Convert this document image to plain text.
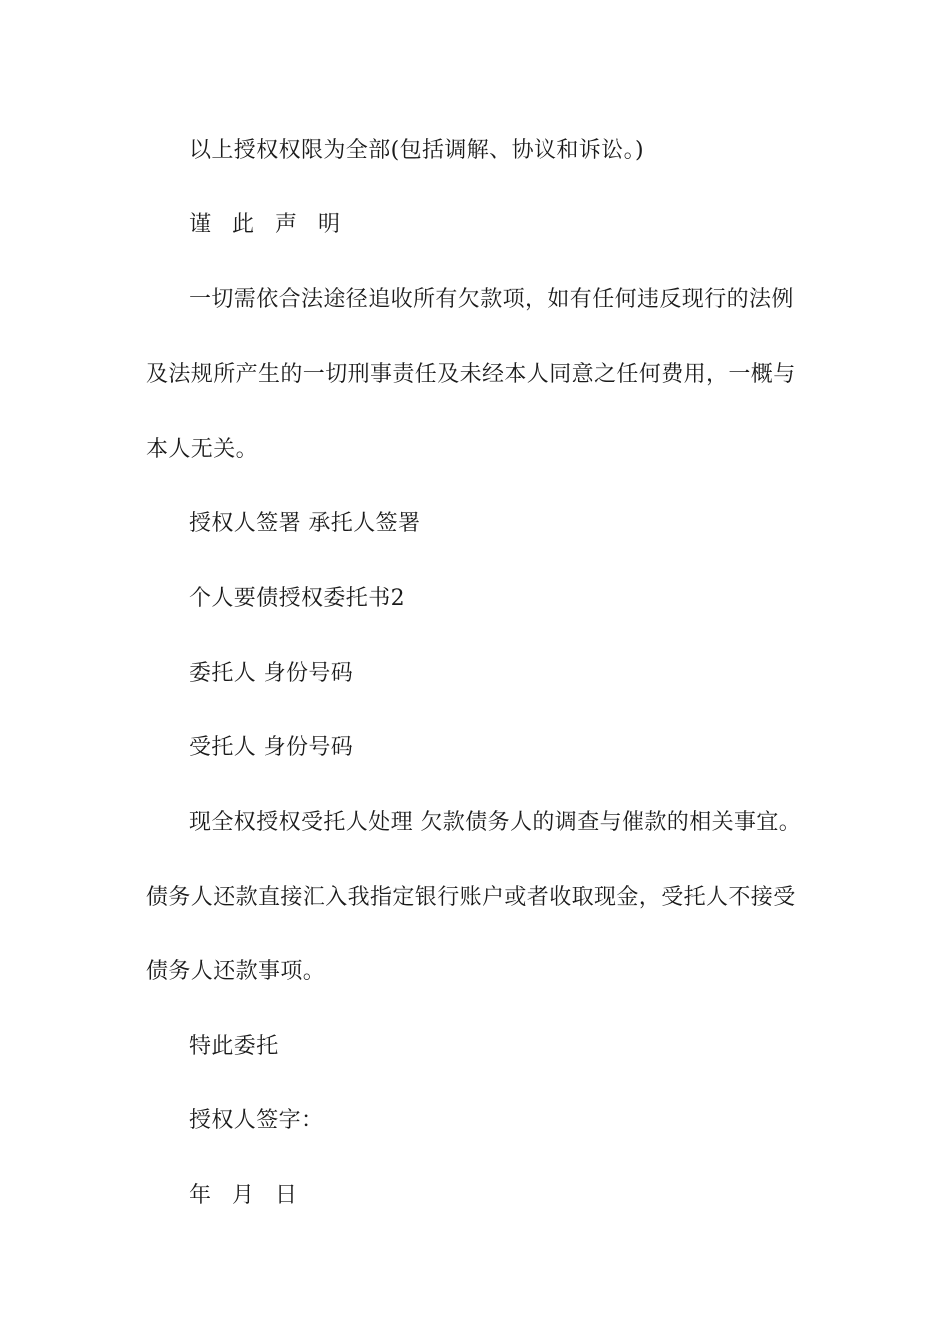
以上授权权限为全部(包括调解、协议和诉讼。)
谨 此 声 明
一切需依合法途径追收所有欠款项，如有任何违反现行的法例
及法规所产生的一切刑事责任及未经本人同意之任何费用，一概与
本人无关。
授权人签署 承托人签署
个人要债授权委托书2
委托人 身份号码
受托人 身份号码
现全权授权受托人处理 欠款债务人的调查与催款的相关事宜。
债务人还款直接汇入我指定银行账户或者收取现金，受托人不接受
债务人还款事项。
特此委托
授权人签字：
年 月 日
